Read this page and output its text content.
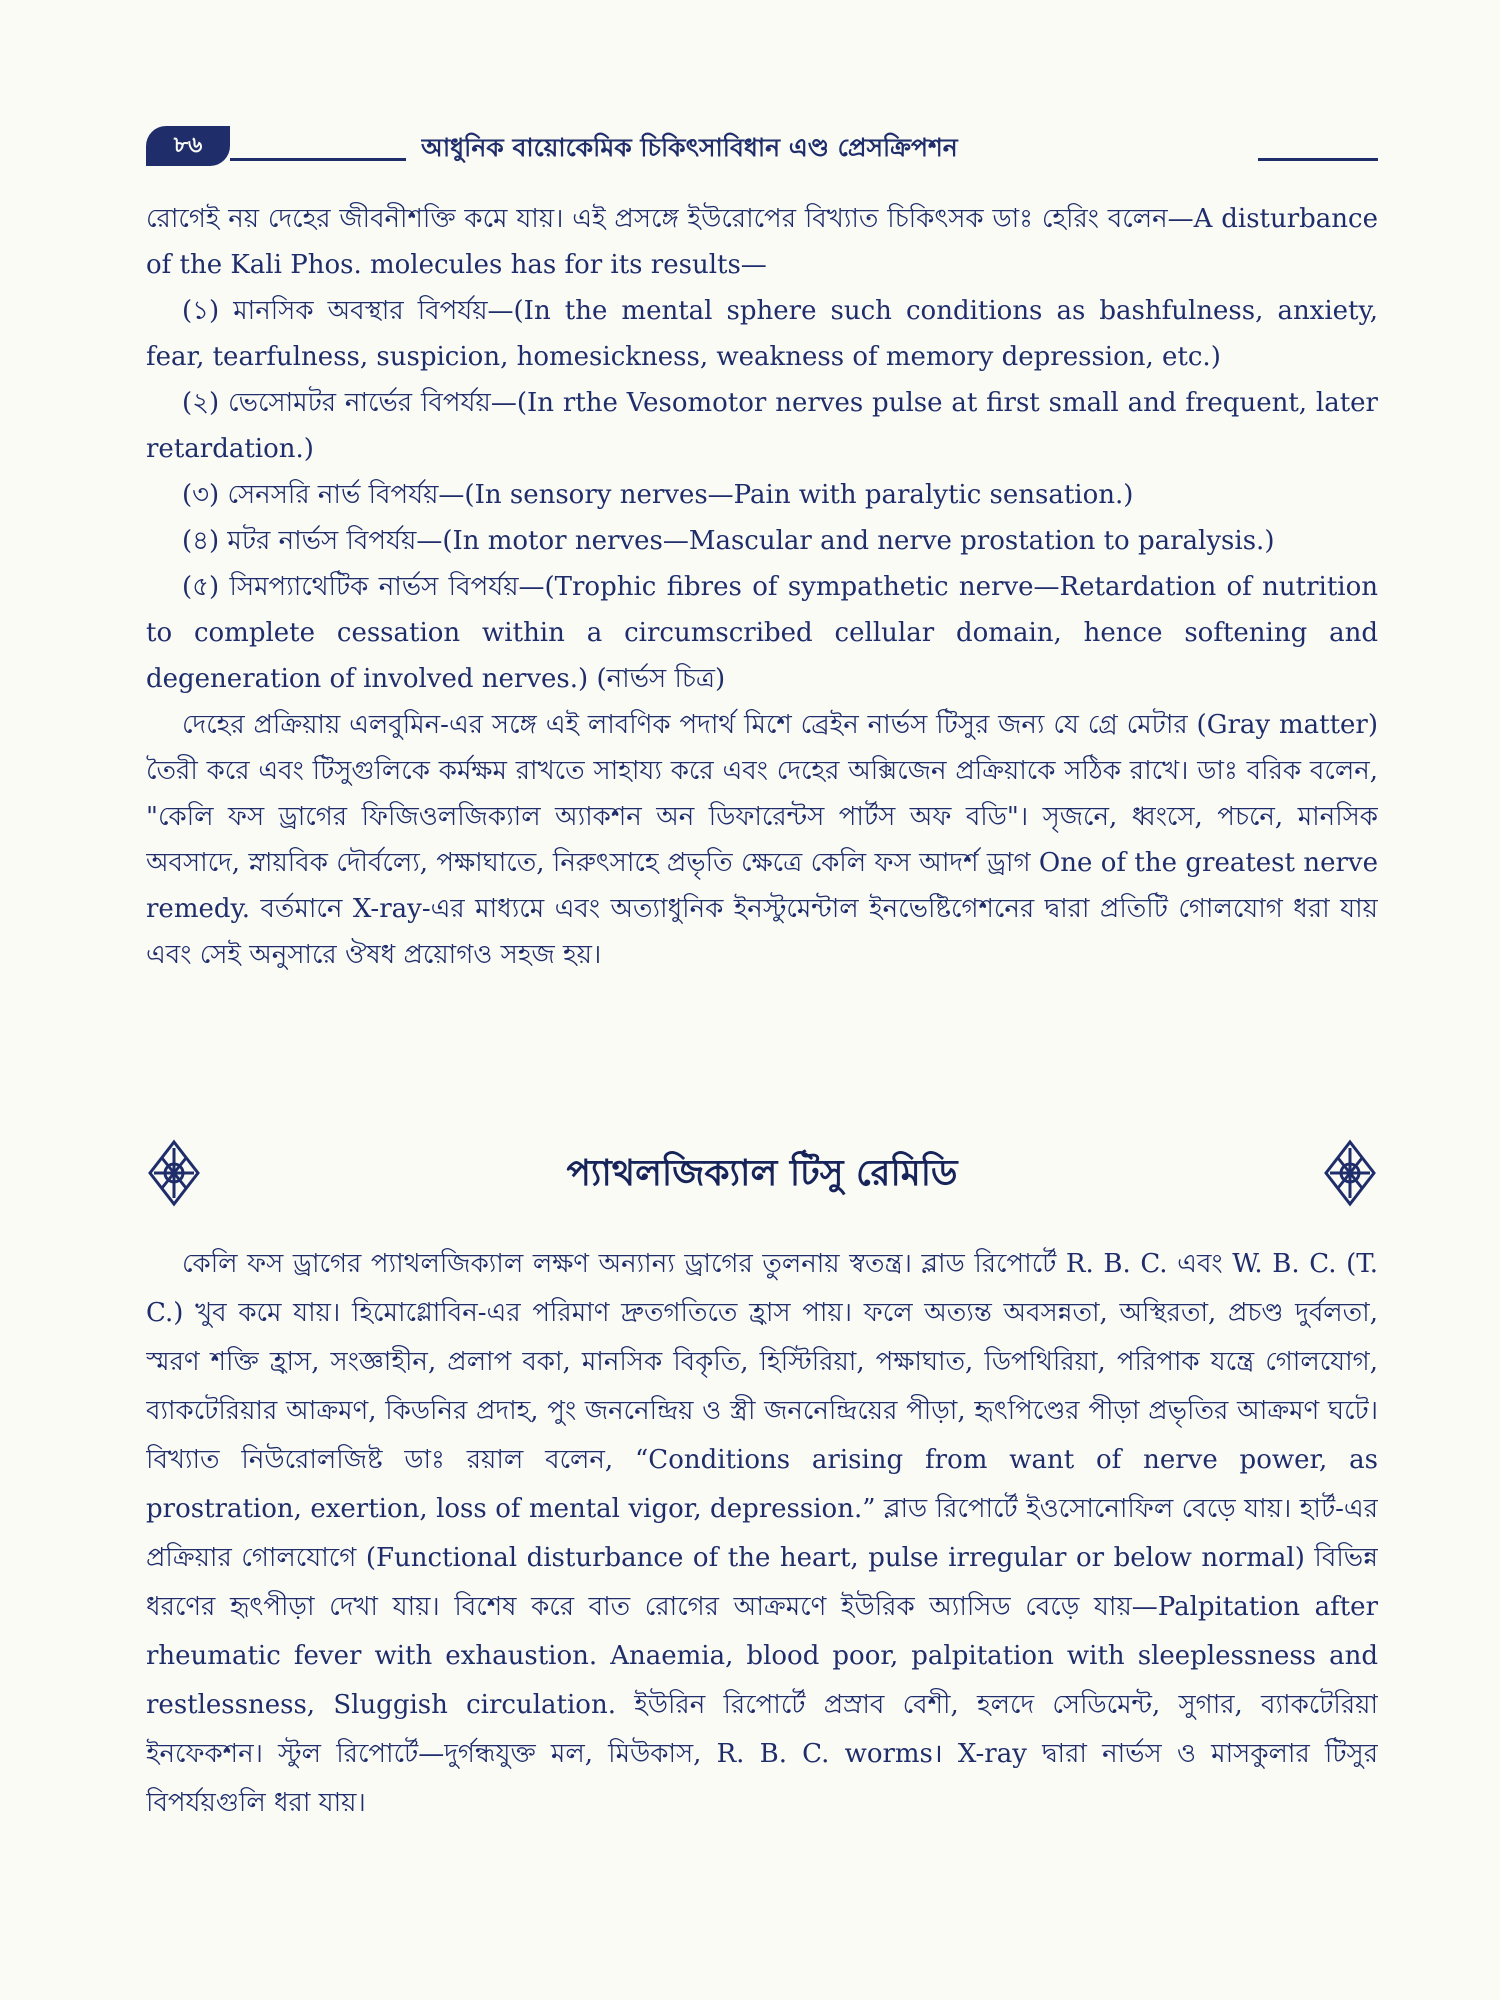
৮৬	আধুনিক বায়োকেমিক চিকিৎসাবিধান এণ্ড প্রেসক্রিপশন

রোগেই নয় দেহের জীবনীশক্তি কমে যায়। এই প্রসঙ্গে ইউরোপের বিখ্যাত চিকিৎসক ডাঃ হেরিং বলেন—A disturbance of the Kali Phos. molecules has for its results—

(১) মানসিক অবস্থার বিপর্যয়—(In the mental sphere such conditions as bashfulness, anxiety, fear, tearfulness, suspicion, homesickness, weakness of memory depression, etc.)

(২) ভেসোমটর নার্ভের বিপর্যয়—(In rthe Vesomotor nerves pulse at first small and frequent, later retardation.)

(৩) সেনসরি নার্ভ বিপর্যয়—(In sensory nerves—Pain with paralytic sensation.)

(৪) মটর নার্ভস বিপর্যয়—(In motor nerves—Mascular and nerve prostation to paralysis.)

(৫) সিমপ্যাথেটিক নার্ভস বিপর্যয়—(Trophic fibres of sympathetic nerve—Retardation of nutrition to complete cessation within a circumscribed cellular domain, hence softening and degeneration of involved nerves.) (নার্ভস চিত্র)

দেহের প্রক্রিয়ায় এলবুমিন-এর সঙ্গে এই লাবণিক পদার্থ মিশে ব্রেইন নার্ভস টিসুর জন্য যে গ্রে মেটার (Gray matter) তৈরী করে এবং টিসুগুলিকে কর্মক্ষম রাখতে সাহায্য করে এবং দেহের অক্সিজেন প্রক্রিয়াকে সঠিক রাখে। ডাঃ বরিক বলেন, "কেলি ফস ড্রাগের ফিজিওলজিক্যাল অ্যাকশন অন ডিফারেন্টস পার্টস অফ বডি"। সৃজনে, ধ্বংসে, পচনে, মানসিক অবসাদে, স্নায়বিক দৌর্বল্যে, পক্ষাঘাতে, নিরুৎসাহে প্রভৃতি ক্ষেত্রে কেলি ফস আদর্শ ড্রাগ One of the greatest nerve remedy. বর্তমানে X-ray-এর মাধ্যমে এবং অত্যাধুনিক ইনস্টুমেন্টাল ইনভেষ্টিগেশনের দ্বারা প্রতিটি গোলযোগ ধরা যায় এবং সেই অনুসারে ঔষধ প্রয়োগও সহজ হয়।

প্যাথলজিক্যাল টিসু রেমিডি

কেলি ফস ড্রাগের প্যাথলজিক্যাল লক্ষণ অন্যান্য ড্রাগের তুলনায় স্বতন্ত্র। ব্লাড রিপোর্টে R. B. C. এবং W. B. C. (T. C.) খুব কমে যায়। হিমোগ্লোবিন-এর পরিমাণ দ্রুতগতিতে হ্রাস পায়। ফলে অত্যন্ত অবসন্নতা, অস্থিরতা, প্রচণ্ড দুর্বলতা, স্মরণ শক্তি হ্রাস, সংজ্ঞাহীন, প্রলাপ বকা, মানসিক বিকৃতি, হিস্টিরিয়া, পক্ষাঘাত, ডিপথিরিয়া, পরিপাক যন্ত্রে গোলযোগ, ব্যাকটেরিয়ার আক্রমণ, কিডনির প্রদাহ, পুং জননেন্দ্রিয় ও স্ত্রী জননেন্দ্রিয়ের পীড়া, হৃৎপিণ্ডের পীড়া প্রভৃতির আক্রমণ ঘটে। বিখ্যাত নিউরোলজিষ্ট ডাঃ রয়াল বলেন, “Conditions arising from want of nerve power, as prostration, exertion, loss of mental vigor, depression.” ব্লাড রিপোর্টে ইওসোনোফিল বেড়ে যায়। হার্ট-এর প্রক্রিয়ার গোলযোগে (Functional disturbance of the heart, pulse irregular or below normal) বিভিন্ন ধরণের হৃৎপীড়া দেখা যায়। বিশেষ করে বাত রোগের আক্রমণে ইউরিক অ্যাসিড বেড়ে যায়—Palpitation after rheumatic fever with exhaustion. Anaemia, blood poor, palpitation with sleeplessness and restlessness, Sluggish circulation. ইউরিন রিপোর্টে প্রস্রাব বেশী, হলদে সেডিমেন্ট, সুগার, ব্যাকটেরিয়া ইনফেকশন। স্টুল রিপোর্টে—দুর্গন্ধযুক্ত মল, মিউকাস, R. B. C. worms। X-ray দ্বারা নার্ভস ও মাসকুলার টিসুর বিপর্যয়গুলি ধরা যায়।
